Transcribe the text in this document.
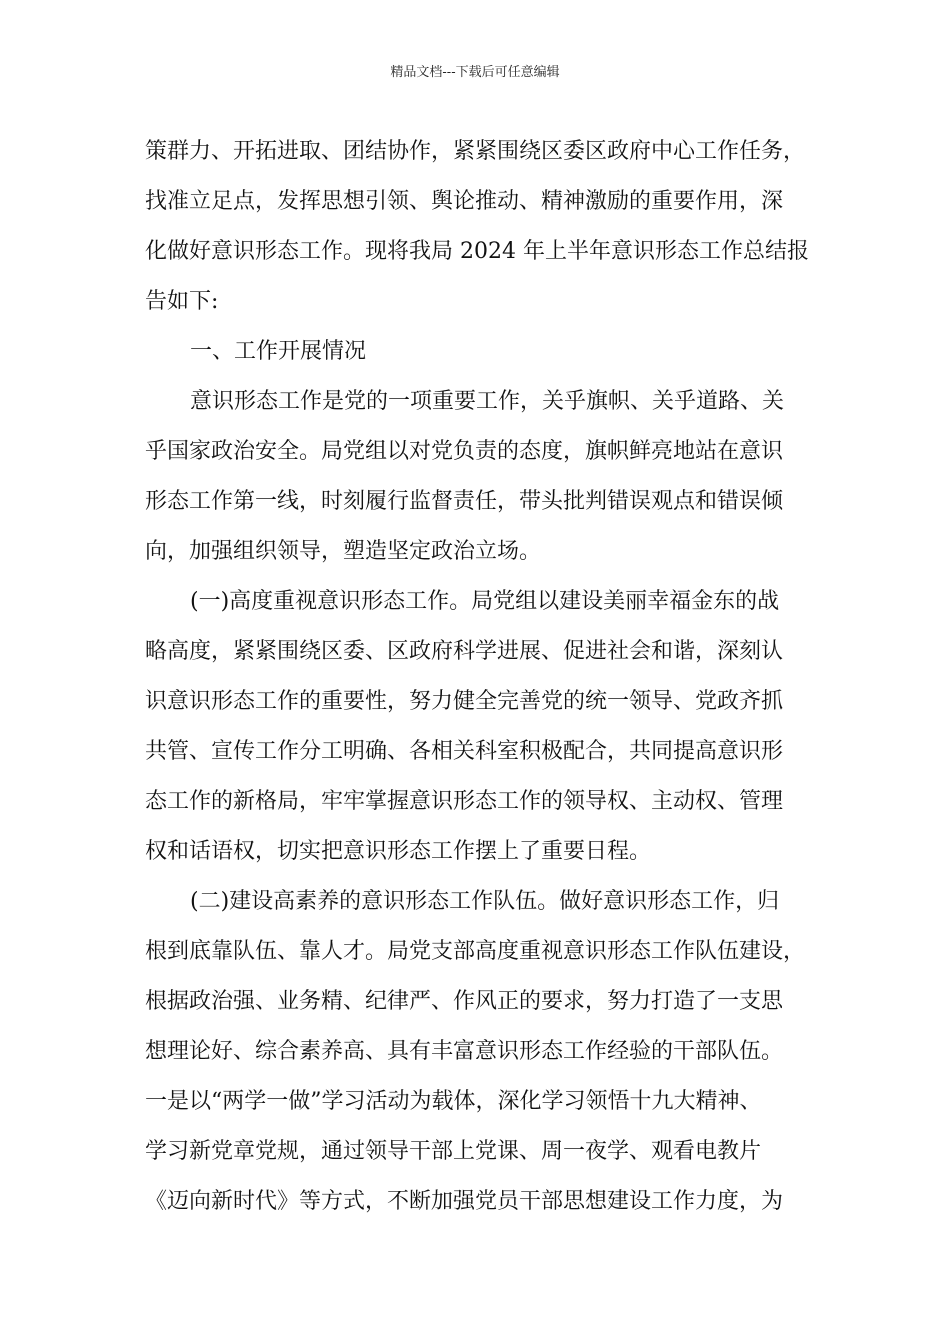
精品文档---下载后可任意编辑
策群力、开拓进取、团结协作，紧紧围绕区委区政府中心工作任务，
找准立足点，发挥思想引领、舆论推动、精神激励的重要作用，深
化做好意识形态工作。现将我局 2024 年上半年意识形态工作总结报
告如下:
一、工作开展情况
意识形态工作是党的一项重要工作，关乎旗帜、关乎道路、关
乎国家政治安全。局党组以对党负责的态度，旗帜鲜亮地站在意识
形态工作第一线，时刻履行监督责任，带头批判错误观点和错误倾
向，加强组织领导，塑造坚定政治立场。
(一)高度重视意识形态工作。局党组以建设美丽幸福金东的战
略高度，紧紧围绕区委、区政府科学进展、促进社会和谐，深刻认
识意识形态工作的重要性，努力健全完善党的统一领导、党政齐抓
共管、宣传工作分工明确、各相关科室积极配合，共同提高意识形
态工作的新格局，牢牢掌握意识形态工作的领导权、主动权、管理
权和话语权，切实把意识形态工作摆上了重要日程。
(二)建设高素养的意识形态工作队伍。做好意识形态工作，归
根到底靠队伍、靠人才。局党支部高度重视意识形态工作队伍建设，
根据政治强、业务精、纪律严、作风正的要求，努力打造了一支思
想理论好、综合素养高、具有丰富意识形态工作经验的干部队伍。
一是以“两学一做”学习活动为载体，深化学习领悟十九大精神、
学习新党章党规，通过领导干部上党课、周一夜学、观看电教片
《迈向新时代》等方式，不断加强党员干部思想建设工作力度，为
